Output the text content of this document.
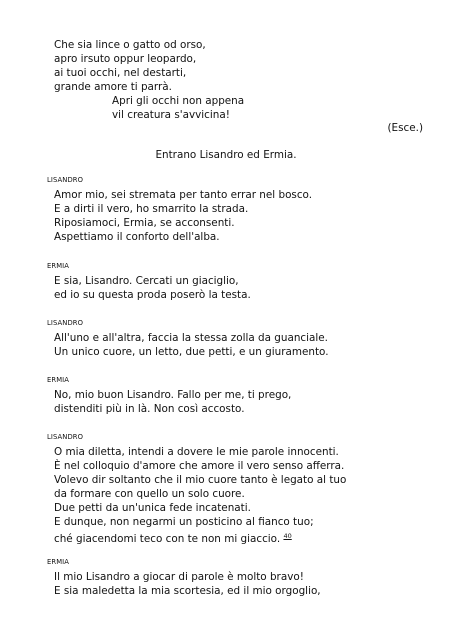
Che sia lince o gatto od orso,
apro irsuto oppur leopardo,
ai tuoi occhi, nel destarti,
grande amore ti parrà.
Apri gli occhi non appena
vil creatura s'avvicina!
(Esce.)
Entrano Lisandro ed Ermia.
LISANDRO
Amor mio, sei stremata per tanto errar nel bosco.
E a dirti il vero, ho smarrito la strada.
Riposiamoci, Ermia, se acconsenti.
Aspettiamo il conforto dell'alba.
ERMIA
E sia, Lisandro. Cercati un giaciglio,
ed io su questa proda poserò la testa.
LISANDRO
All'uno e all'altra, faccia la stessa zolla da guanciale.
Un unico cuore, un letto, due petti, e un giuramento.
ERMIA
No, mio buon Lisandro. Fallo per me, ti prego,
distenditi più in là. Non così accosto.
LISANDRO
O mia diletta, intendi a dovere le mie parole innocenti.
È nel colloquio d'amore che amore il vero senso afferra.
Volevo dir soltanto che il mio cuore tanto è legato al tuo
da formare con quello un solo cuore.
Due petti da un'unica fede incatenati.
E dunque, non negarmi un posticino al fianco tuo;
ché giacendomi teco con te non mi giaccio. $^{40}$
ERMIA
Il mio Lisandro a giocar di parole è molto bravo!
E sia maledetta la mia scortesia, ed il mio orgoglio,
